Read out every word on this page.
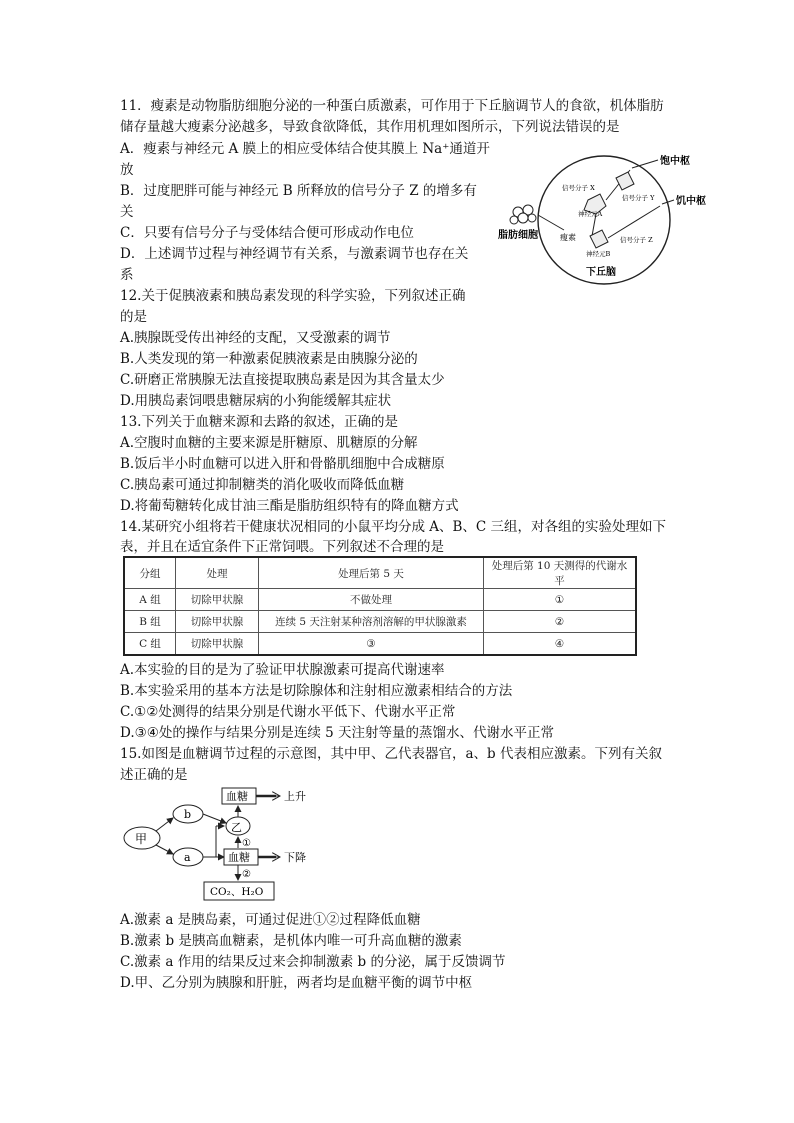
11．瘦素是动物脂肪细胞分泌的一种蛋白质激素，可作用于下丘脑调节人的食欲，机体脂肪
储存量越大瘦素分泌越多，导致食欲降低，其作用机理如图所示，下列说法错误的是
A．瘦素与神经元 A 膜上的相应受体结合使其膜上 Na⁺通道开
放
B．过度肥胖可能与神经元 B 所释放的信号分子 Z 的增多有
关
C．只要有信号分子与受体结合便可形成动作电位
D．上述调节过程与神经调节有关系，与激素调节也存在关
系
脂肪细胞	瘦素
信号分子 X
信号分子 Y
信号分子 Z
神经元A
神经元B
下丘脑
饱中枢
饥中枢
12.关于促胰液素和胰岛素发现的科学实验，下列叙述正确
的是
A.胰腺既受传出神经的支配，又受激素的调节
B.人类发现的第一种激素促胰液素是由胰腺分泌的
C.研磨正常胰腺无法直接提取胰岛素是因为其含量太少
D.用胰岛素饲喂患糖尿病的小狗能缓解其症状
13.下列关于血糖来源和去路的叙述，正确的是
A.空腹时血糖的主要来源是肝糖原、肌糖原的分解
B.饭后半小时血糖可以进入肝和骨骼肌细胞中合成糖原
C.胰岛素可通过抑制糖类的消化吸收而降低血糖
D.将葡萄糖转化成甘油三酯是脂肪组织特有的降血糖方式
14.某研究小组将若干健康状况相同的小鼠平均分成 A、B、C 三组，对各组的实验处理如下
表，并且在适宜条件下正常饲喂。下列叙述不合理的是
分组	处理	处理后第 5 天	处理后第 10 天测得的代谢水平
A 组	切除甲状腺	不做处理	①
B 组	切除甲状腺	连续 5 天注射某种溶剂溶解的甲状腺激素	②
C 组	切除甲状腺	③	④
A.本实验的目的是为了验证甲状腺激素可提高代谢速率
B.本实验采用的基本方法是切除腺体和注射相应激素相结合的方法
C.①②处测得的结果分别是代谢水平低下、代谢水平正常
D.③④处的操作与结果分别是连续 5 天注射等量的蒸馏水、代谢水平正常
15.如图是血糖调节过程的示意图，其中甲、乙代表器官，a、b 代表相应激素。下列有关叙
述正确的是
甲
b
a
乙
血糖	上升
①
血糖	下降
②
CO₂、H₂O
A.激素 a 是胰岛素，可通过促进①②过程降低血糖
B.激素 b 是胰高血糖素，是机体内唯一可升高血糖的激素
C.激素 a 作用的结果反过来会抑制激素 b 的分泌，属于反馈调节
D.甲、乙分别为胰腺和肝脏，两者均是血糖平衡的调节中枢
